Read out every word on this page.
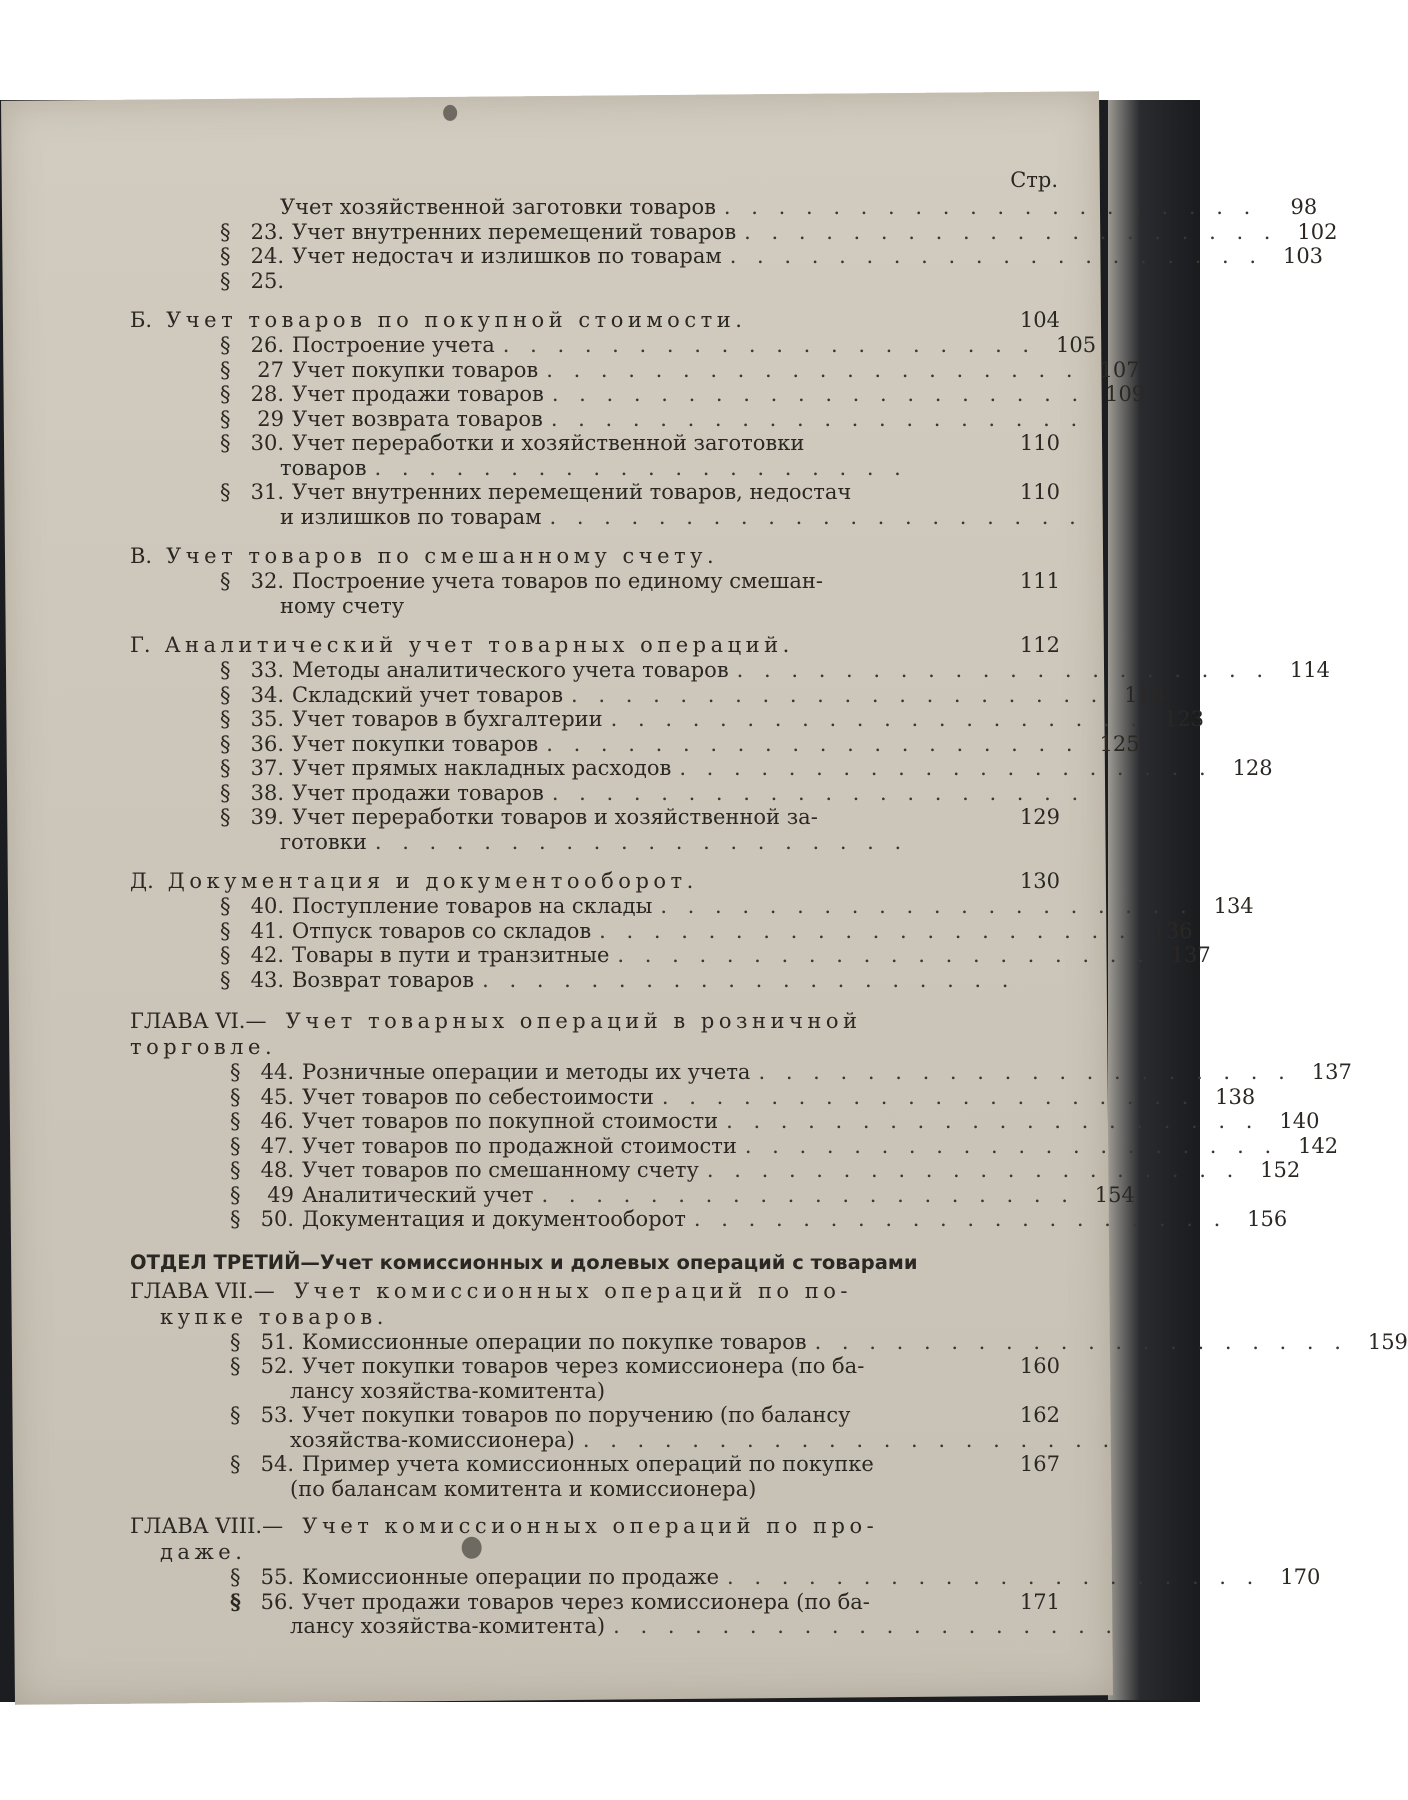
Стр.
Учет хозяйственной заготовки товаров . . . . . . . . . . . . . . . . . . . .	98
§ 23. Учет внутренних перемещений товаров . . . . . . . . . . . . . . . . . . . . 102
§ 24. Учет недостач и излишков по товарам . . . . . . . . . . . . . . . . . . . . 103
§ 25.
Б. Учет товаров по покупной стоимости.	104
§ 26. Построение учета . . . . . . . . . . . . . . . . . . . . 105
§	27 Учет покупки товаров . . . . . . . . . . . . . . . . . . . . 107
§ 28. Учет продажи товаров . . . . . . . . . . . . . . . . . . . . 109
§	29 Учет возврата товаров . . . . . . . . . . . . . . . . . . . .
§ 30. Учет переработки и хозяйственной заготовки	110
товаров . . . . . . . . . . . . . . . . . . . .
§ 31. Учет внутренних перемещений товаров, недостач	110
и излишков по товарам . . . . . . . . . . . . . . . . . . . .
В. Учет товаров по смешанному счету.
§ 32. Построение учета товаров по единому смешан-	111
ному счету
Г. Аналитический учет товарных операций.	112
§ 33. Методы аналитического учета товаров . . . . . . . . . . . . . . . . . . . . 114
§ 34. Складский учет товаров . . . . . . . . . . . . . . . . . . . . 118
§ 35. Учет товаров в бухгалтерии . . . . . . . . . . . . . . . . . . . . 123
§ 36. Учет покупки товаров . . . . . . . . . . . . . . . . . . . . 125
§ 37. Учет прямых накладных расходов . . . . . . . . . . . . . . . . . . . . 128
§ 38. Учет продажи товаров . . . . . . . . . . . . . . . . . . . .
§ 39. Учет переработки товаров и хозяйственной за-	129
готовки . . . . . . . . . . . . . . . . . . . .
Д. Документация и документооборот.	130
§ 40. Поступление товаров на склады . . . . . . . . . . . . . . . . . . . . 134
§ 41. Отпуск товаров со складов . . . . . . . . . . . . . . . . . . . . 136
§ 42. Товары в пути и транзитные . . . . . . . . . . . . . . . . . . . . 137
§ 43. Возврат товаров . . . . . . . . . . . . . . . . . . . .
ГЛАВА VI.— Учет товарных операций в розничной
торговле.
§ 44. Розничные операции и методы их учета . . . . . . . . . . . . . . . . . . . . 137
§ 45. Учет товаров по себестоимости . . . . . . . . . . . . . . . . . . . . 138
§ 46. Учет товаров по покупной стоимости . . . . . . . . . . . . . . . . . . . . 140
§ 47. Учет товаров по продажной стоимости . . . . . . . . . . . . . . . . . . . . 142
§ 48. Учет товаров по смешанному счету . . . . . . . . . . . . . . . . . . . . 152
§	49 Аналитический учет . . . . . . . . . . . . . . . . . . . . 154
§ 50. Документация и документооборот . . . . . . . . . . . . . . . . . . . . 156
ОТДЕЛ ТРЕТИЙ—Учет комиссионных и долевых операций с товарами
ГЛАВА VII.— Учет комиссионных операций по по-
купке товаров.
§ 51. Комиссионные операции по покупке товаров . . . . . . . . . . . . . . . . . . . . 159
§ 52. Учет покупки товаров через комиссионера (по ба-	160
лансу хозяйства-комитента)
§ 53. Учет покупки товаров по поручению (по балансу	162
хозяйства-комиссионера) . . . . . . . . . . . . . . . . . . . .
§ 54. Пример учета комиссионных операций по покупке	167
(по балансам комитента и комиссионера)
ГЛАВА VIII.— Учет комиссионных операций по про-
даже.
§ 55. Комиссионные операции по продаже . . . . . . . . . . . . . . . . . . . . 170
§ 56. Учет продажи товаров через комиссионера (по ба-	171
лансу хозяйства-комитента) . . . . . . . . . . . . . . . . . . . .
